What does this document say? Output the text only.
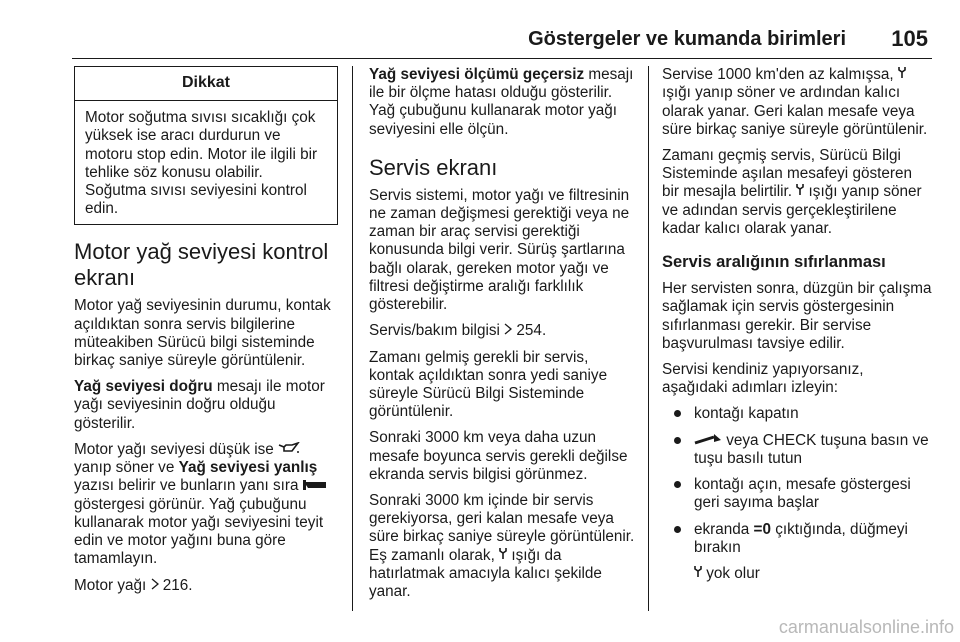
Göstergeler ve kumanda birimleri 105
Dikkat
Motor soğutma sıvısı sıcaklığı çok yüksek ise aracı durdurun ve motoru stop edin. Motor ile ilgili bir tehlike söz konusu olabilir. Soğutma sıvısı seviyesini kontrol edin.
Motor yağ seviyesi kontrol ekranı

Motor yağ seviyesinin durumu, kontak açıldıktan sonra servis bilgilerine müteakiben Sürücü bilgi sisteminde birkaç saniye süreyle görüntülenir.

Yağ seviyesi doğru mesajı ile motor yağı seviyesinin doğru olduğu gösterilir.

Motor yağı seviyesi düşük ise  yanıp söner ve Yağ seviyesi yanlış yazısı belirir ve bunların yanı sıra  göstergesi görünür. Yağ çubuğunu kullanarak motor yağı seviyesini teyit edin ve motor yağını buna göre tamamlayın.

Motor yağı  216.

Yağ seviyesi ölçümü geçersiz mesajı ile bir ölçme hatası olduğu gösterilir. Yağ çubuğunu kullanarak motor yağı seviyesini elle ölçün.

Servis ekranı

Servis sistemi, motor yağı ve filtresinin ne zaman değişmesi gerektiği veya ne zaman bir araç servisi gerektiği konusunda bilgi verir. Sürüş şartlarına bağlı olarak, gereken motor yağı ve filtresi değiştirme aralığı farklılık gösterebilir.

Servis/bakım bilgisi  254.

Zamanı gelmiş gerekli bir servis, kontak açıldıktan sonra yedi saniye süreyle Sürücü Bilgi Sisteminde görüntülenir.

Sonraki 3000 km veya daha uzun mesafe boyunca servis gerekli değilse ekranda servis bilgisi görünmez.

Sonraki 3000 km içinde bir servis gerekiyorsa, geri kalan mesafe veya süre birkaç saniye süreyle görüntülenir. Eş zamanlı olarak,  ışığı da hatırlatmak amacıyla kalıcı şekilde yanar.

Servise 1000 km'den az kalmışsa,  ışığı yanıp söner ve ardından kalıcı olarak yanar. Geri kalan mesafe veya süre birkaç saniye süreyle görüntülenir.

Zamanı geçmiş servis, Sürücü Bilgi Sisteminde aşılan mesafeyi gösteren bir mesajla belirtilir.  ışığı yanıp söner ve adından servis gerçekleştirilene kadar kalıcı olarak yanar.

Servis aralığının sıfırlanması

Her servisten sonra, düzgün bir çalışma sağlamak için servis göstergesinin sıfırlanması gerekir. Bir servise başvurulması tavsiye edilir.

Servisi kendiniz yapıyorsanız, aşağıdaki adımları izleyin:

kontağı kapatın
veya CHECK tuşuna basın ve tuşu basılı tutun
kontağı açın, mesafe göstergesi geri sayıma başlar
ekranda =0 çıktığında, düğmeyi bırakın

yok olur

carmanualsonline.info
